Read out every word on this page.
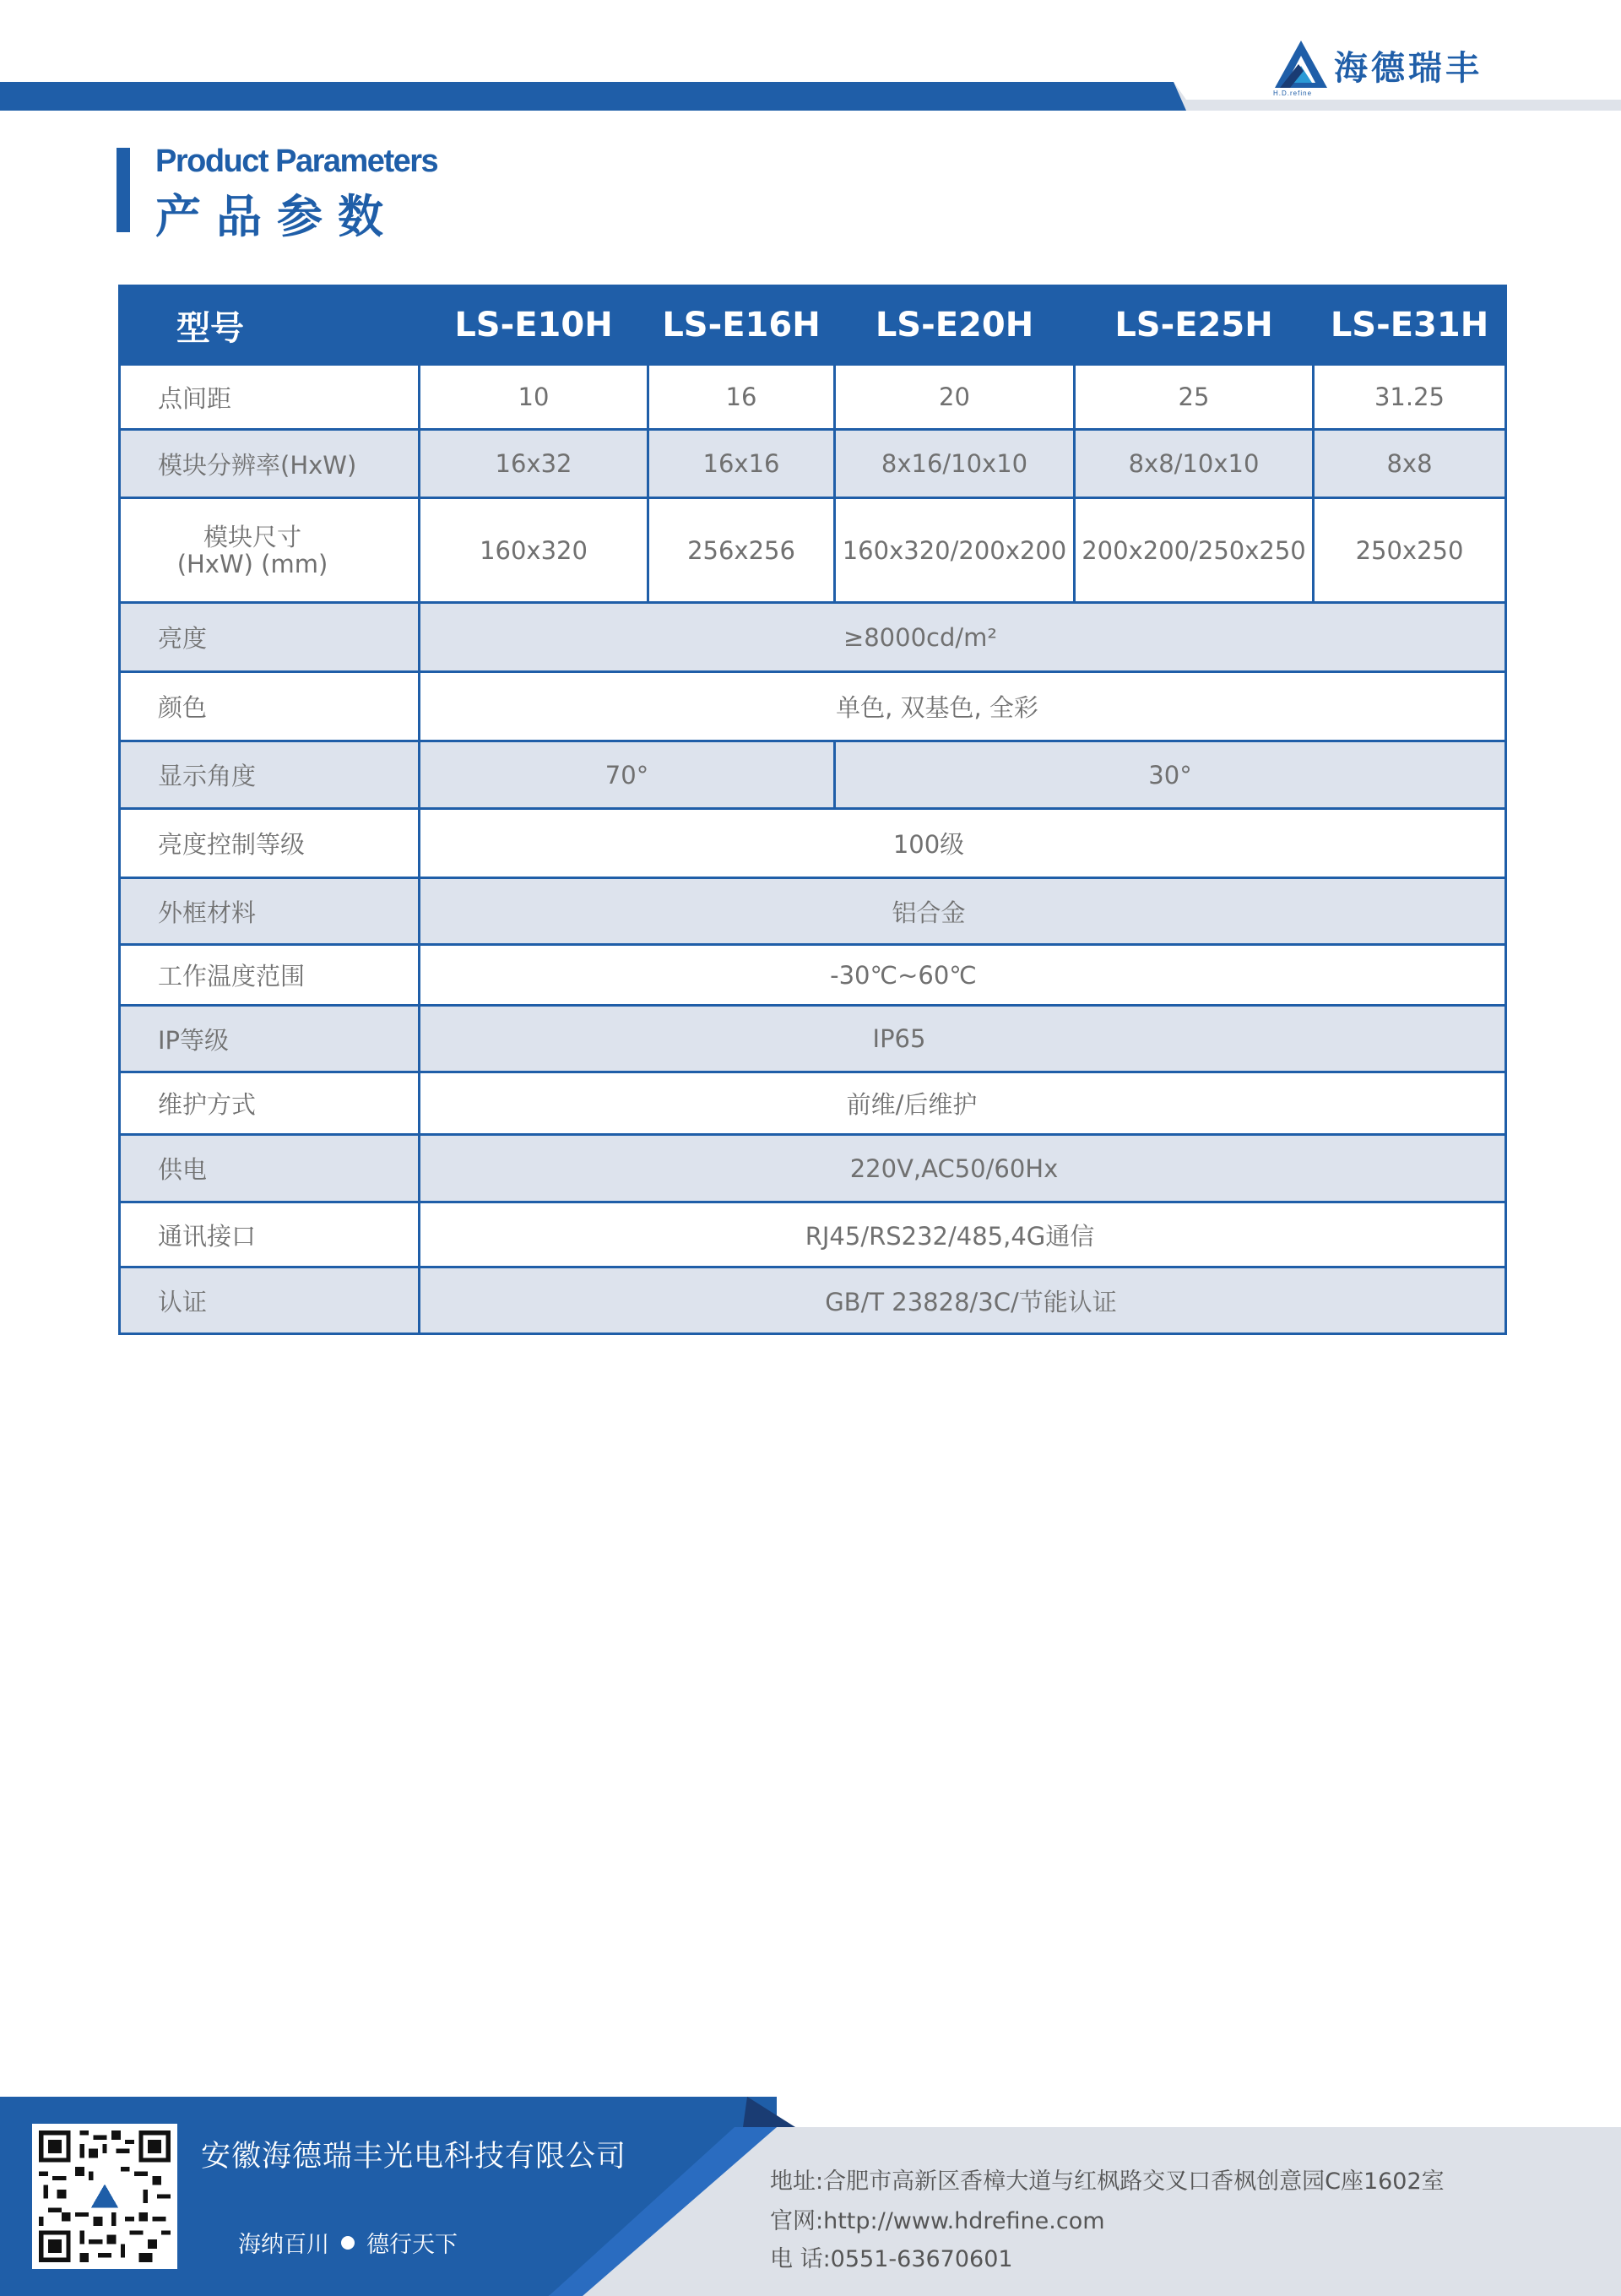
海德瑞丰
H.D.refine
Product Parameters
产品参数
型号	LS-E10H	LS-E16H	LS-E20H	LS-E25H	LS-E31H
点间距	10	16	20	25	31.25
模块分辨率(HxW)	16x32	16x16	8x16/10x10	8x8/10x10	8x8

模块尺寸
(HxW) (mm)	160x320	256x256	160x320/200x200	200x200/250x250	250x250
亮度	≥8000cd/m²				
颜色	单色, 双基色, 全彩				
显示角度	70°		30°		
亮度控制等级	100级				
外框材料	铝合金				
工作温度范围	-30℃~60℃				
IP等级	IP65				
维护方式	前维/后维护				
供电	220V,AC50/60Hx				
通讯接口	RJ45/RS232/485,4G通信				
认证	GB/T 23828/3C/节能认证				
安徽海德瑞丰光电科技有限公司
海纳百川 德行天下
地址:合肥市高新区香樟大道与红枫路交叉口香枫创意园C座1602室
官网:http://www.hdrefine.com
电 话:0551-63670601
